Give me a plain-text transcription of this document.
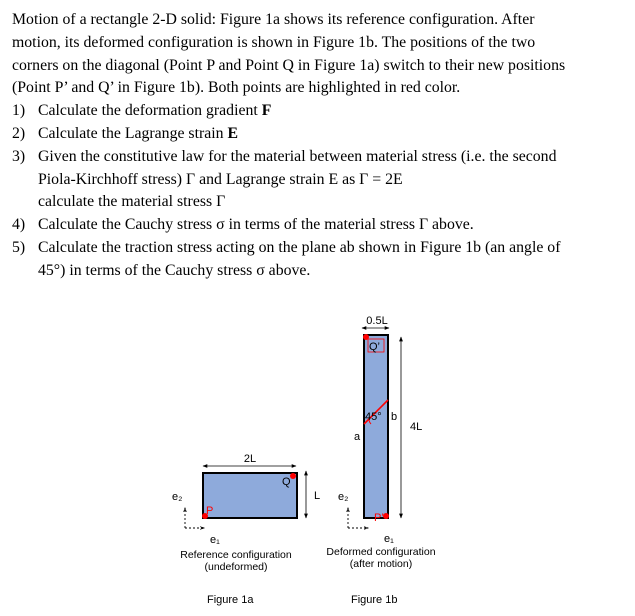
Motion of a rectangle 2-D solid: Figure 1a shows its reference configuration. After
motion, its deformed configuration is shown in Figure 1b. The positions of the two
corners on the diagonal (Point P and Point Q in Figure 1a) switch to their new positions
(Point P’ and Q’ in Figure 1b). Both points are highlighted in red color.
1) Calculate the deformation gradient F
2) Calculate the Lagrange strain E
3) Given the constitutive law for the material between material stress (i.e. the second
Piola-Kirchhoff stress) Γ and Lagrange strain E as Γ = 2E
calculate the material stress Γ
4) Calculate the Cauchy stress σ in terms of the material stress Γ above.
5) Calculate the traction stress acting on the plane ab shown in Figure 1b (an angle of
45°) in terms of the Cauchy stress σ above.
2L
L
Q
P
e₂
e₁
0.5L
4L
Q’
P’
45°
a
b
e₂
e₁
Reference configuration
(undeformed)
Figure 1a
Deformed configuration
(after motion)
Figure 1b
